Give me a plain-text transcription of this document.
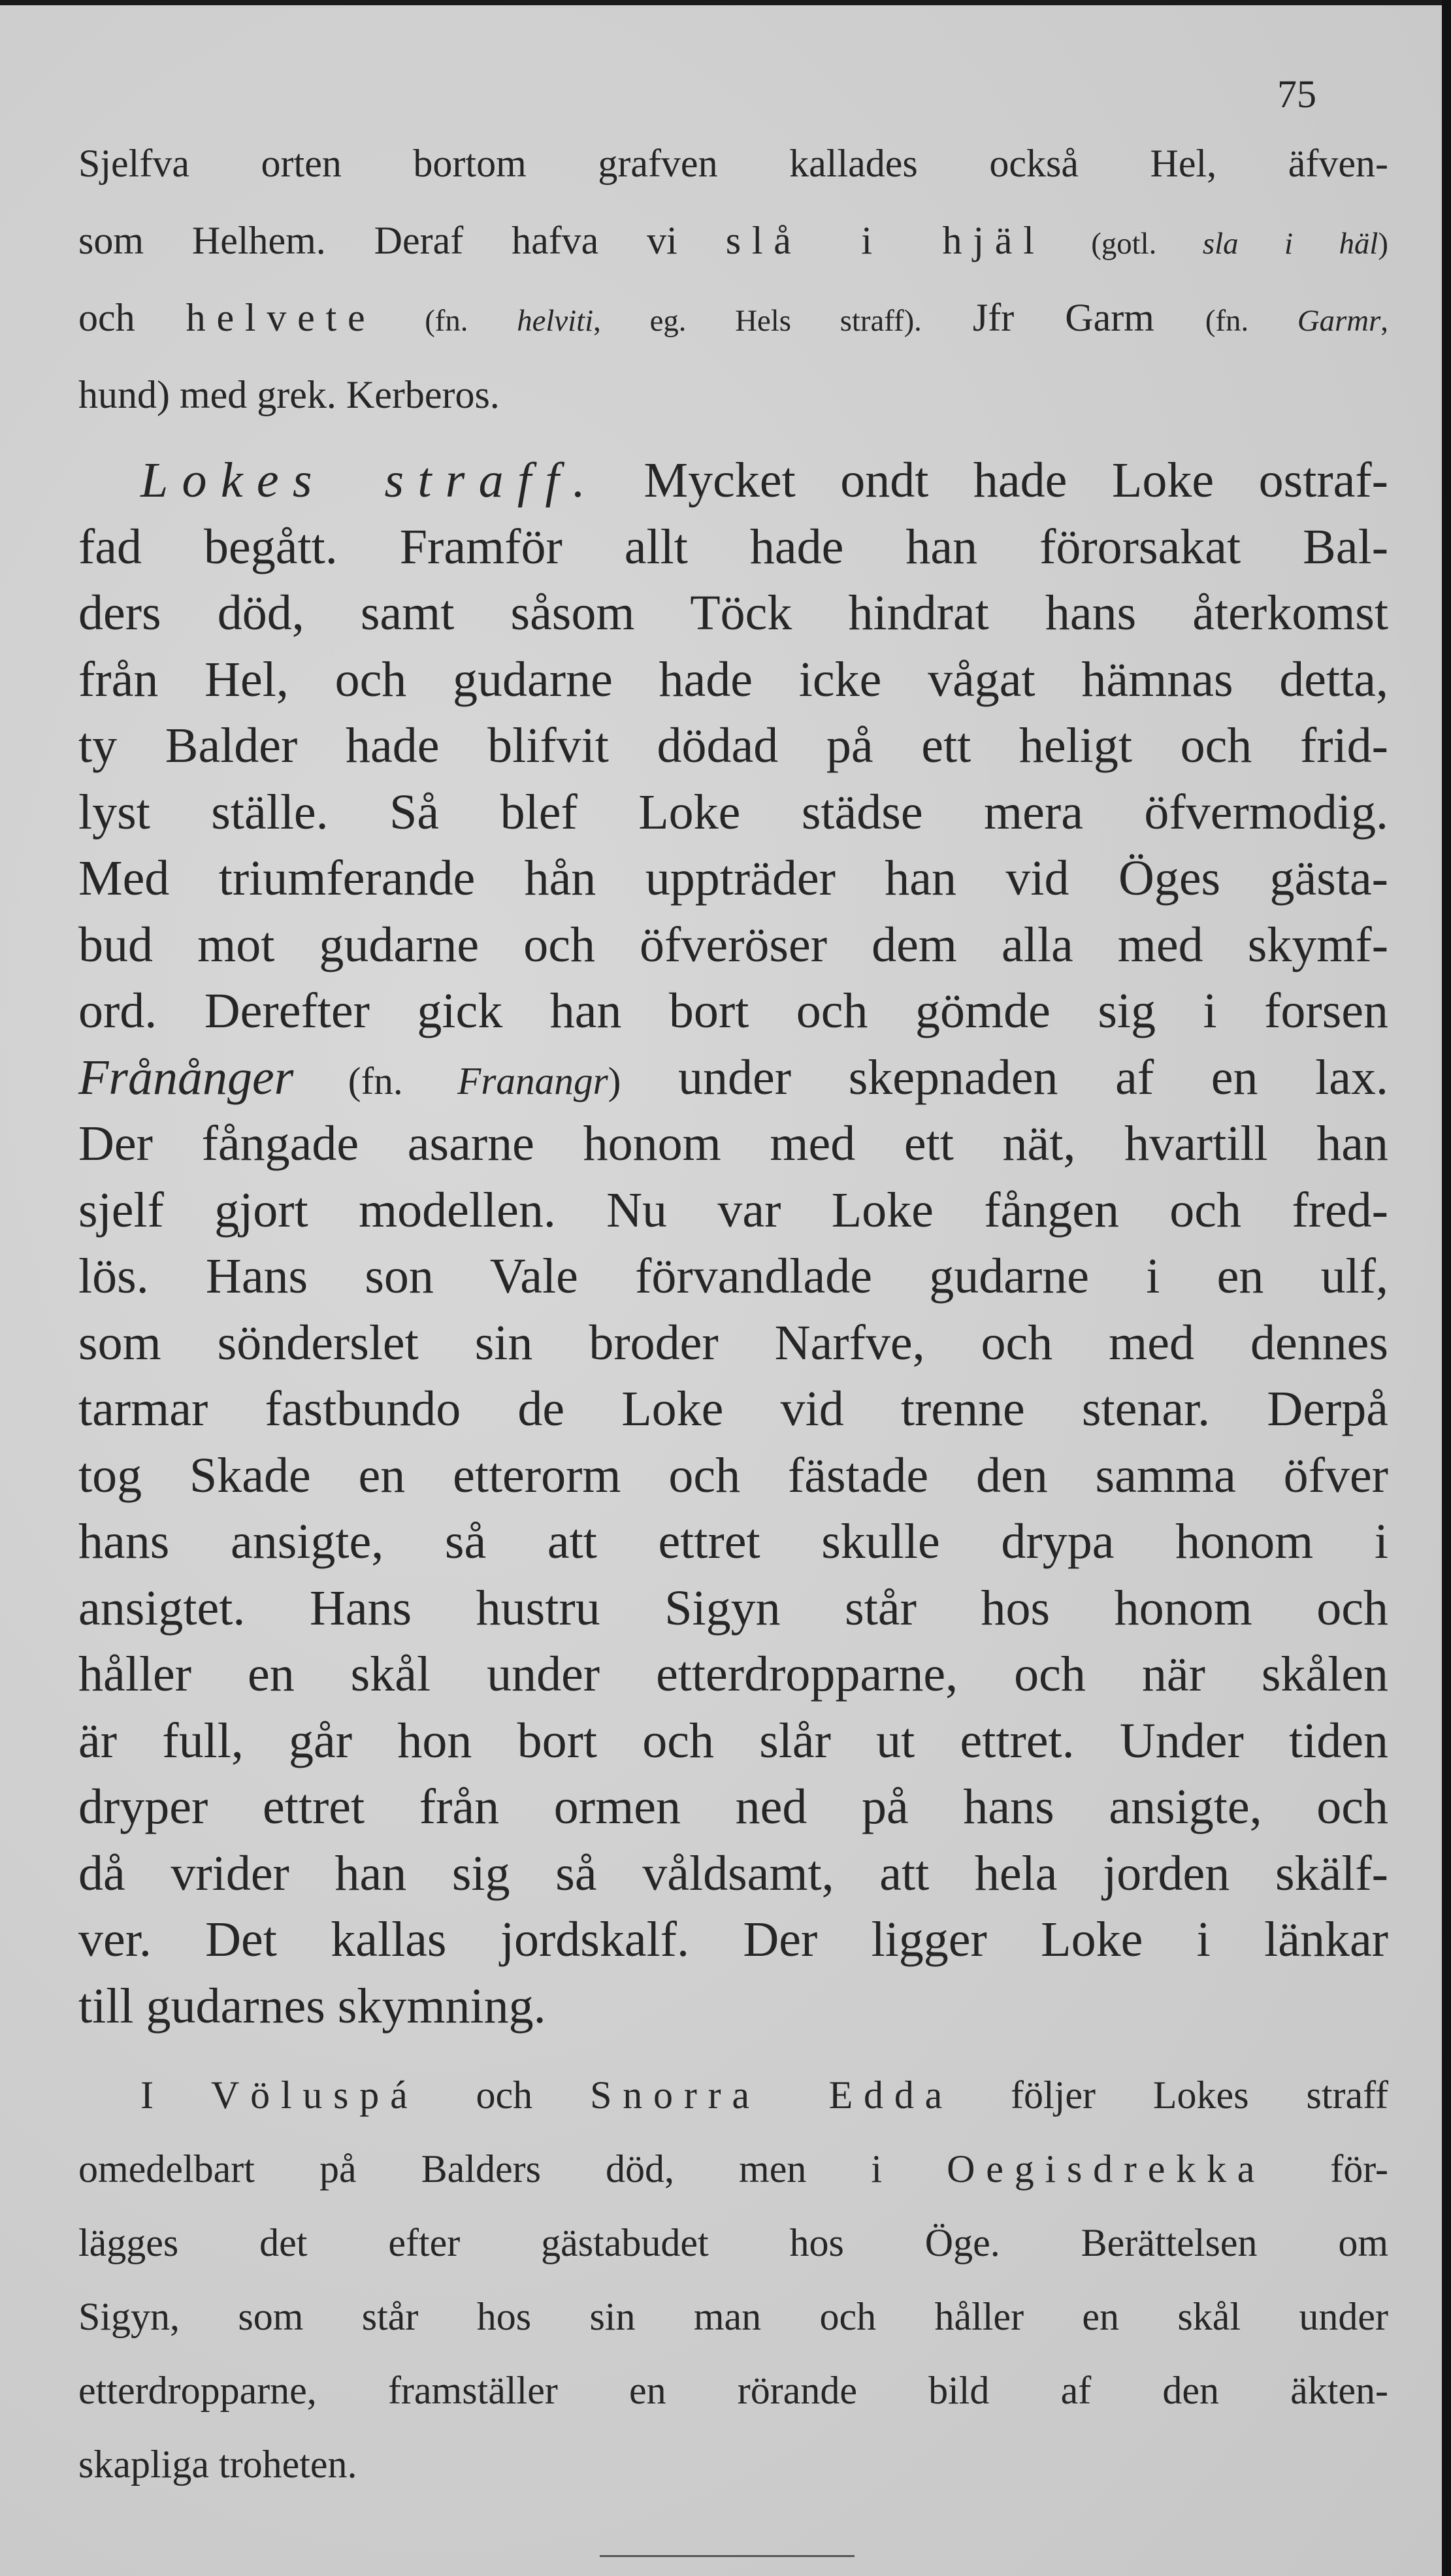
75
Sjelfva orten bortom grafven kallades också Hel, äfven-
som Helhem. Deraf hafva vi slå i hjäl (gotl. sla i häl)
och helvete (fn. helviti, eg. Hels straff). Jfr Garm (fn. Garmr,
hund) med grek. Kerberos.
Lokes straff. Mycket ondt hade Loke ostraf-
fad begått. Framför allt hade han förorsakat Bal-
ders död, samt såsom Töck hindrat hans återkomst
från Hel, och gudarne hade icke vågat hämnas detta,
ty Balder hade blifvit dödad på ett heligt och frid-
lyst ställe. Så blef Loke städse mera öfvermodig.
Med triumferande hån uppträder han vid Öges gästa-
bud mot gudarne och öfveröser dem alla med skymf-
ord. Derefter gick han bort och gömde sig i forsen
Frånånger (fn. Franangr) under skepnaden af en lax.
Der fångade asarne honom med ett nät, hvartill han
sjelf gjort modellen. Nu var Loke fången och fred-
lös. Hans son Vale förvandlade gudarne i en ulf,
som sönderslet sin broder Narfve, och med dennes
tarmar fastbundo de Loke vid trenne stenar. Derpå
tog Skade en etterorm och fästade den samma öfver
hans ansigte, så att ettret skulle drypa honom i
ansigtet. Hans hustru Sigyn står hos honom och
håller en skål under etterdropparne, och när skålen
är full, går hon bort och slår ut ettret. Under tiden
dryper ettret från ormen ned på hans ansigte, och
då vrider han sig så våldsamt, att hela jorden skälf-
ver. Det kallas jordskalf. Der ligger Loke i länkar
till gudarnes skymning.
I Völuspá och Snorra Edda följer Lokes straff
omedelbart på Balders död, men i Oegisdrekka för-
lägges det efter gästabudet hos Öge. Berättelsen om
Sigyn, som står hos sin man och håller en skål under
etterdropparne, framställer en rörande bild af den äkten-
skapliga troheten.
